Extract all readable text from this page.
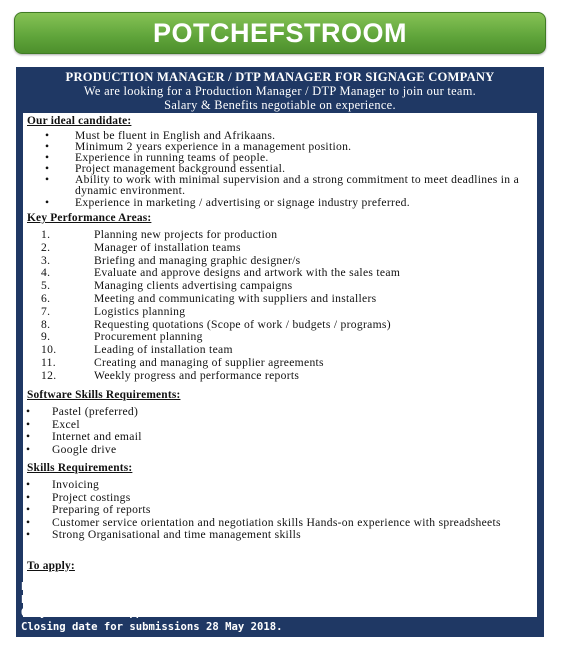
POTCHEFSTROOM
PRODUCTION MANAGER / DTP MANAGER FOR SIGNAGE COMPANY
We are looking for a Production Manager / DTP Manager to join our team.
Salary & Benefits negotiable on experience.
Our ideal candidate:
• Must be fluent in English and Afrikaans.
• Minimum 2 years experience in a management position.
• Experience in running teams of people.
• Project management background essential.
• Ability to work with minimal supervision and a strong commitment to meet deadlines in a dynamic environment.
• Experience in marketing / advertising or signage industry preferred.
Key Performance Areas:
1.	Planning new projects for production
2.	Manager of installation teams
3.	Briefing and managing graphic designer/s
4.	Evaluate and approve designs and artwork with the sales team
5.	Managing clients advertising campaigns
6.	Meeting and communicating with suppliers and installers
7.	Logistics planning
8.	Requesting quotations (Scope of work / budgets / programs)
9.	Procurement planning
10.	Leading of installation team
11.	Creating and managing of supplier agreements
12.	Weekly progress and performance reports
Software Skills Requirements:
• Pastel (preferred)
• Excel
• Internet and email
• Google drive
Skills Requirements:
• Invoicing
• Project costings
• Preparing of reports
• Customer service orientation and negotiation skills Hands-on experience with spreadsheets
• Strong Organisational and time management skills
To apply:
Email CV and qualifications to work@gobig.co.za
Email Subject: Production Manager Vacancy
Only successful applicants will be contacted for interviews.
Closing date for submissions 28 May 2018.
